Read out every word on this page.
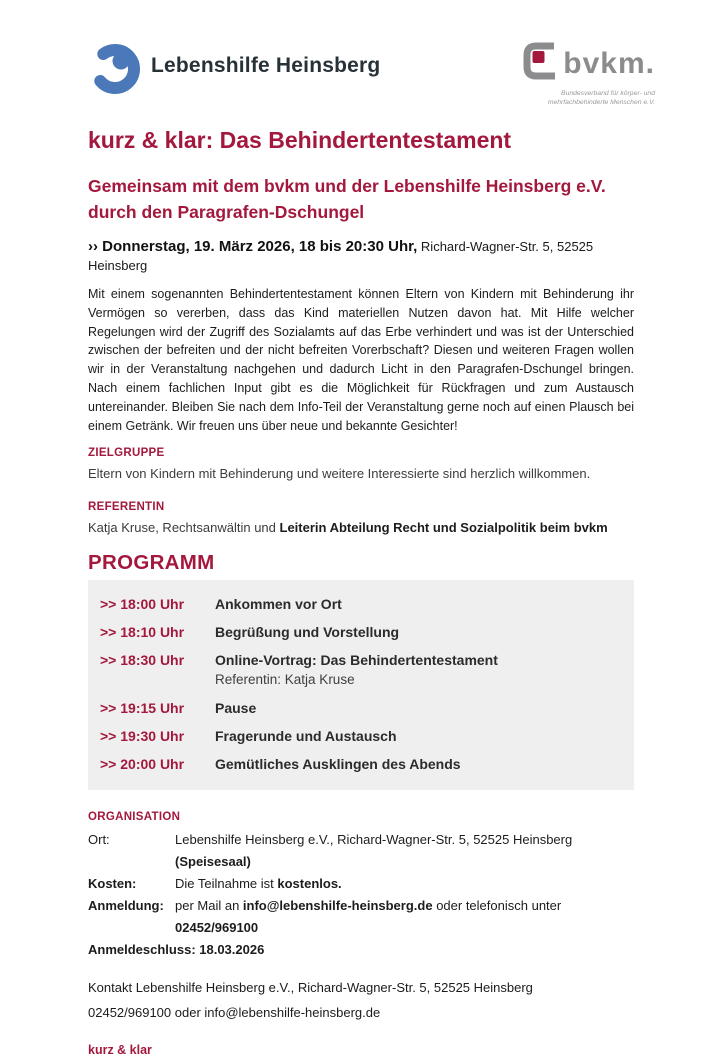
Lebenshilfe Heinsberg	bvkm.
Bundesverband für körper- und
mehrfachbehinderte Menschen e.V.
kurz & klar: Das Behindertentestament
Gemeinsam mit dem bvkm und der Lebenshilfe Heinsberg e.V.
durch den Paragrafen-Dschungel
›› Donnerstag, 19. März 2026, 18 bis 20:30 Uhr, Richard-Wagner-Str. 5, 52525 Heinsberg

Mit einem sogenannten Behindertentestament können Eltern von Kindern mit Behinderung ihr Vermögen so vererben, dass das Kind materiellen Nutzen davon hat. Mit Hilfe welcher Regelungen wird der Zugriff des Sozialamts auf das Erbe verhindert und was ist der Unterschied zwischen der befreiten und der nicht befreiten Vorerbschaft? Diesen und weiteren Fragen wollen wir in der Veranstaltung nachgehen und dadurch Licht in den Paragrafen-Dschungel bringen. Nach einem fachlichen Input gibt es die Möglichkeit für Rückfragen und zum Austausch untereinander. Bleiben Sie nach dem Info-Teil der Veranstaltung gerne noch auf einen Plausch bei einem Getränk. Wir freuen uns über neue und bekannte Gesichter!

ZIELGRUPPE
Eltern von Kindern mit Behinderung und weitere Interessierte sind herzlich willkommen.
REFERENTIN
Katja Kruse, Rechtsanwältin und Leiterin Abteilung Recht und Sozialpolitik beim bvkm
PROGRAMM
>> 18:00 Uhr	Ankommen vor Ort
>> 18:10 Uhr	Begrüßung und Vorstellung
>> 18:30 Uhr	Online-Vortrag: Das Behindertentestament
Referentin: Katja Kruse
>> 19:15 Uhr	Pause
>> 19:30 Uhr	Fragerunde und Austausch
>> 20:00 Uhr	Gemütliches Ausklingen des Abends
ORGANISATION
Ort:	Lebenshilfe Heinsberg e.V., Richard-Wagner-Str. 5, 52525 Heinsberg (Speisesaal)
Kosten:	Die Teilnahme ist kostenlos.
Anmeldung: per Mail an info@lebenshilfe-heinsberg.de oder telefonisch unter 02452/969100
Anmeldeschluss: 18.03.2026
Kontakt Lebenshilfe Heinsberg e.V., Richard-Wagner-Str. 5, 52525 Heinsberg
02452/969100 oder info@lebenshilfe-heinsberg.de
kurz & klar
